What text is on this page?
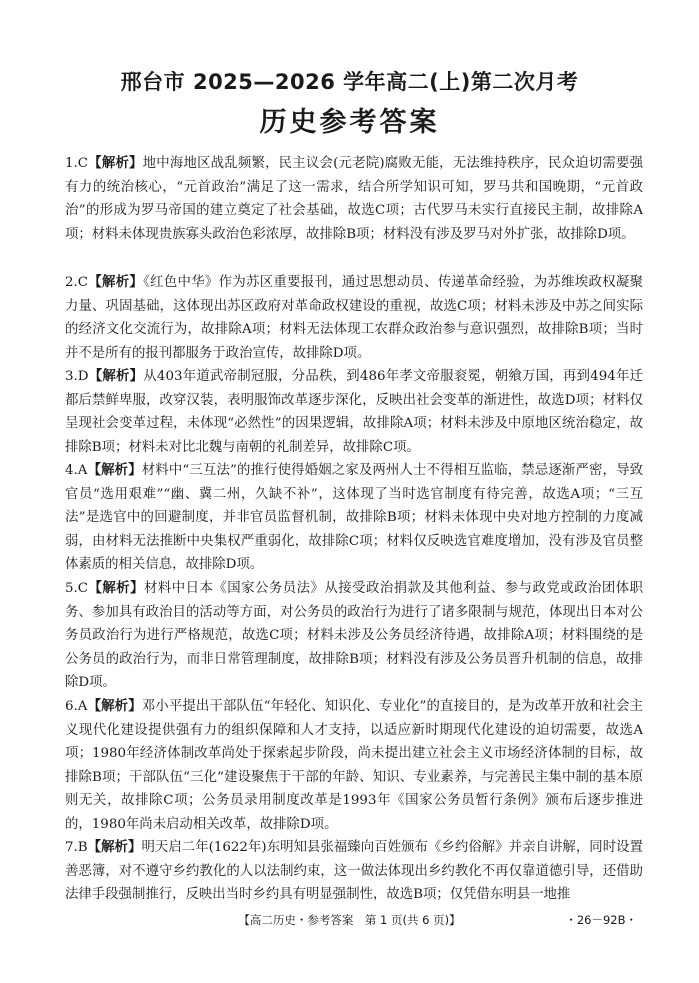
邢台市 2025—2026 学年高二(上)第二次月考
历史参考答案
1.C【解析】地中海地区战乱频繁，民主议会(元老院)腐败无能，无法维持秩序，民众迫切需要强有力的统治核心，“元首政治”满足了这一需求，结合所学知识可知，罗马共和国晚期，“元首政治”的形成为罗马帝国的建立奠定了社会基础，故选C项；古代罗马未实行直接民主制，故排除A项；材料未体现贵族寡头政治色彩浓厚，故排除B项；材料没有涉及罗马对外扩张，故排除D项。
2.C【解析】《红色中华》作为苏区重要报刊，通过思想动员、传递革命经验，为苏维埃政权凝聚力量、巩固基础，这体现出苏区政府对革命政权建设的重视，故选C项；材料未涉及中苏之间实际的经济文化交流行为，故排除A项；材料无法体现工农群众政治参与意识强烈，故排除B项；当时并不是所有的报刊都服务于政治宣传，故排除D项。
3.D【解析】从403年道武帝制冠服，分品秩，到486年孝文帝服衮冕，朝飨万国，再到494年迁都后禁鲜卑服，改穿汉装，表明服饰改革逐步深化，反映出社会变革的渐进性，故选D项；材料仅呈现社会变革过程，未体现“必然性”的因果逻辑，故排除A项；材料未涉及中原地区统治稳定，故排除B项；材料未对比北魏与南朝的礼制差异，故排除C项。
4.A【解析】材料中“三互法”的推行使得婚姻之家及两州人士不得相互监临，禁忌逐渐严密，导致官员“选用艰难”“幽、冀二州，久缺不补”，这体现了当时选官制度有待完善，故选A项；“三互法”是选官中的回避制度，并非官员监督机制，故排除B项；材料未体现中央对地方控制的力度减弱，由材料无法推断中央集权严重弱化，故排除C项；材料仅反映选官难度增加，没有涉及官员整体素质的相关信息，故排除D项。
5.C【解析】材料中日本《国家公务员法》从接受政治捐款及其他利益、参与政党或政治团体职务、参加具有政治目的活动等方面，对公务员的政治行为进行了诸多限制与规范，体现出日本对公务员政治行为进行严格规范，故选C项；材料未涉及公务员经济待遇，故排除A项；材料围绕的是公务员的政治行为，而非日常管理制度，故排除B项；材料没有涉及公务员晋升机制的信息，故排除D项。
6.A【解析】邓小平提出干部队伍“年轻化、知识化、专业化”的直接目的，是为改革开放和社会主义现代化建设提供强有力的组织保障和人才支持，以适应新时期现代化建设的迫切需要，故选A项；1980年经济体制改革尚处于探索起步阶段，尚未提出建立社会主义市场经济体制的目标，故排除B项；干部队伍“三化”建设聚焦于干部的年龄、知识、专业素养，与完善民主集中制的基本原则无关，故排除C项；公务员录用制度改革是1993年《国家公务员暂行条例》颁布后逐步推进的，1980年尚未启动相关改革，故排除D项。
7.B【解析】明天启二年(1622年)东明知县张福臻向百姓颁布《乡约俗解》并亲自讲解，同时设置善恶簿，对不遵守乡约教化的人以法制约束，这一做法体现出乡约教化不再仅靠道德引导，还借助法律手段强制推行，反映出当时乡约具有明显强制性，故选B项；仅凭借东明县一地推
【高二历史・参考答案　第 1 页(共 6 页)】	・26－92B・
